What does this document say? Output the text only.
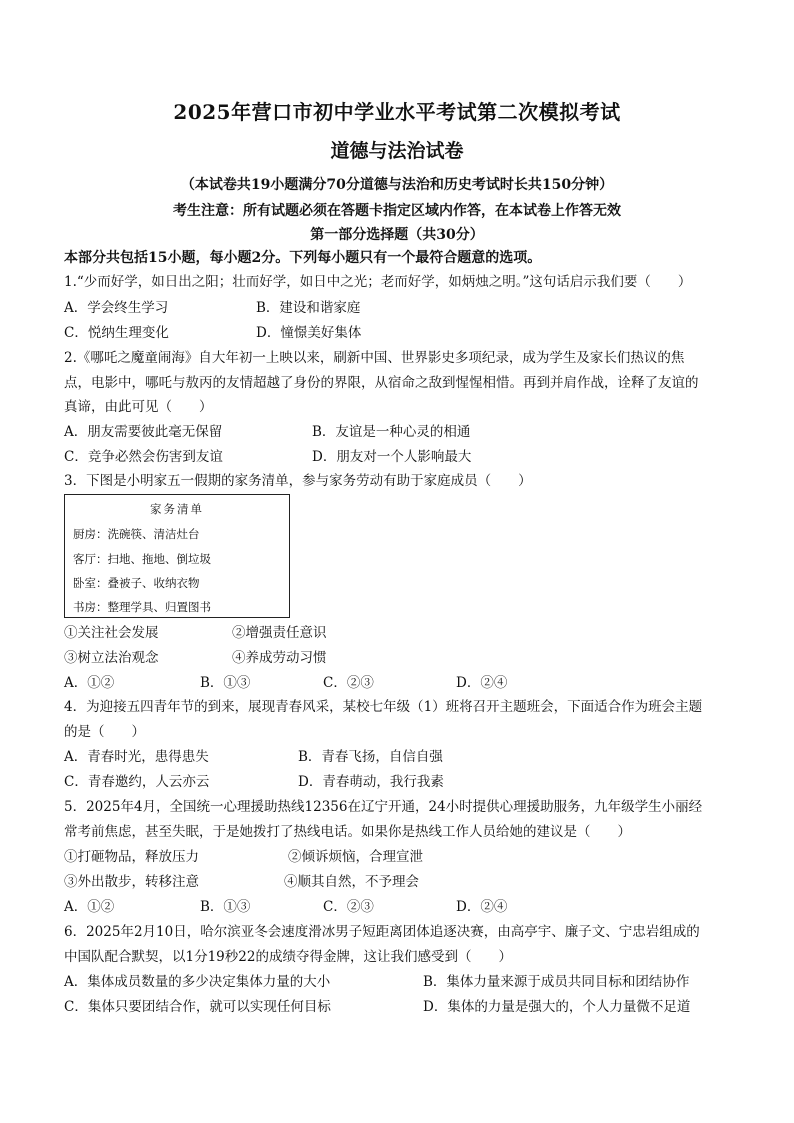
2025年营口市初中学业水平考试第二次模拟考试
道德与法治试卷
（本试卷共19小题满分70分道德与法治和历史考试时长共150分钟）
考生注意：所有试题必须在答题卡指定区域内作答，在本试卷上作答无效
第一部分选择题（共30分）
本部分共包括15小题，每小题2分。下列每小题只有一个最符合题意的选项。
1.“少而好学，如日出之阳；壮而好学，如日中之光；老而好学，如炳烛之明。”这句话启示我们要（　　）
A．学会终生学习	B．建设和谐家庭
C．悦纳生理变化	D．憧憬美好集体
2.《哪吒之魔童闹海》自大年初一上映以来，刷新中国、世界影史多项纪录，成为学生及家长们热议的焦
点，电影中，哪吒与敖丙的友情超越了身份的界限，从宿命之敌到惺惺相惜。再到并肩作战，诠释了友谊的
真谛，由此可见（　　）
A．朋友需要彼此毫无保留	B．友谊是一种心灵的相通
C．竞争必然会伤害到友谊	D．朋友对一个人影响最大
3．下图是小明家五一假期的家务清单，参与家务劳动有助于家庭成员（　　）
家务清单
厨房：洗碗筷、清洁灶台
客厅：扫地、拖地、倒垃圾
卧室：叠被子、收纳衣物
书房：整理学具、归置图书
①关注社会发展	②增强责任意识
③树立法治观念	④养成劳动习惯
A．①②	B．①③	C．②③	D．②④
4．为迎接五四青年节的到来，展现青春风采，某校七年级（1）班将召开主题班会，下面适合作为班会主题
的是（　　）
A．青春时光，患得患失	B．青春飞扬，自信自强
C．青春邀约，人云亦云	D．青春萌动，我行我素
5．2025年4月，全国统一心理援助热线12356在辽宁开通，24小时提供心理援助服务，九年级学生小丽经
常考前焦虑，甚至失眠，于是她拨打了热线电话。如果你是热线工作人员给她的建议是（　　）
①打砸物品，释放压力	②倾诉烦恼，合理宣泄
③外出散步，转移注意	④顺其自然，不予理会
A．①②	B．①③	C．②③	D．②④
6．2025年2月10日，哈尔滨亚冬会速度滑冰男子短距离团体追逐决赛，由高亭宇、廉子文、宁忠岩组成的
中国队配合默契，以1分19秒22的成绩夺得金牌，这让我们感受到（　　）
A．集体成员数量的多少决定集体力量的大小	B．集体力量来源于成员共同目标和团结协作
C．集体只要团结合作，就可以实现任何目标	D．集体的力量是强大的，个人力量微不足道
